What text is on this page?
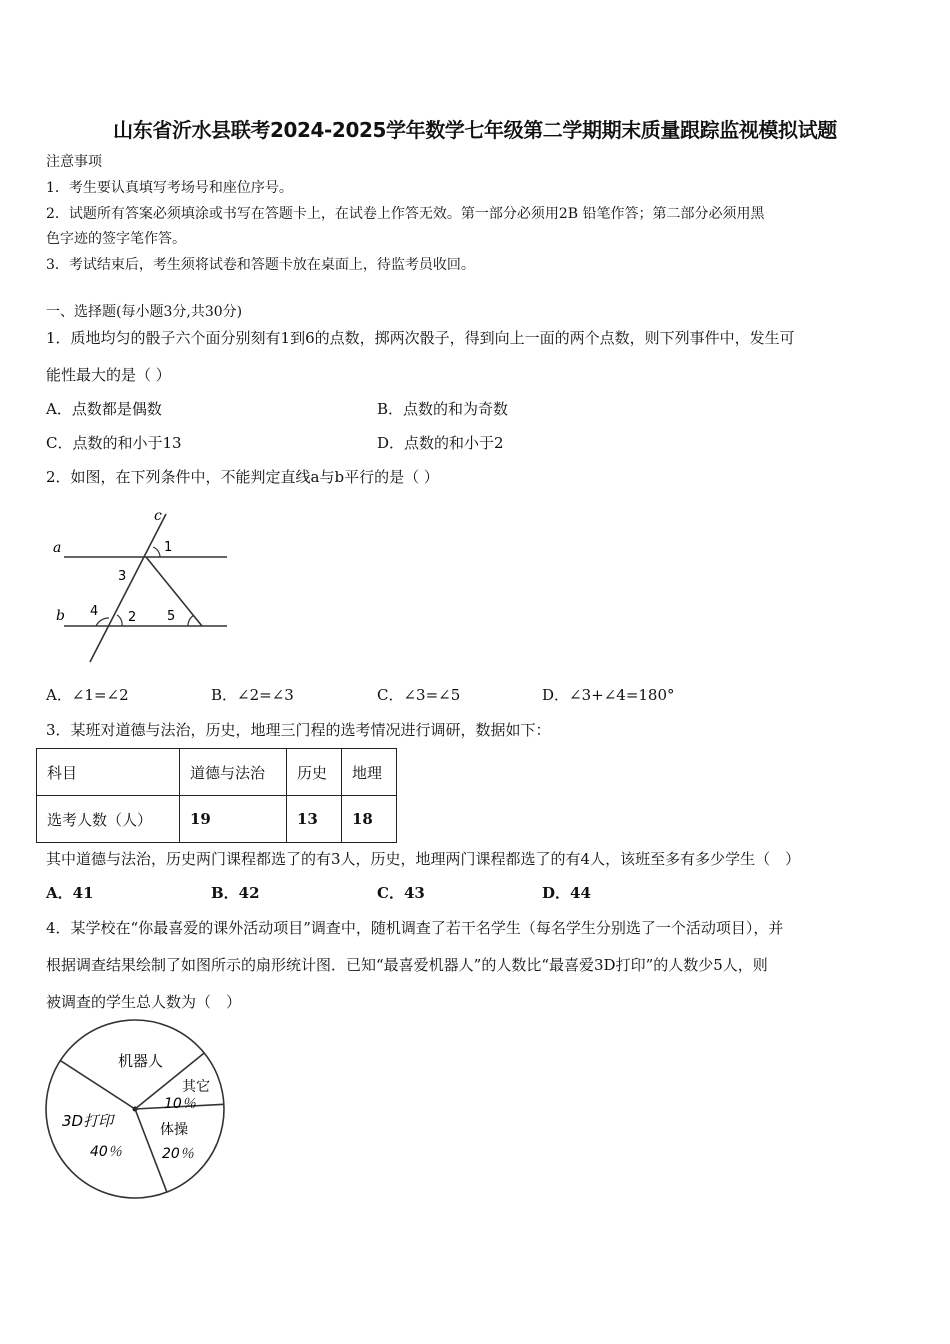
山东省沂水县联考2024-2025学年数学七年级第二学期期末质量跟踪监视模拟试题
注意事项
1．考生要认真填写考场号和座位序号。
2．试题所有答案必须填涂或书写在答题卡上，在试卷上作答无效。第一部分必须用2B 铅笔作答；第二部分必须用黑
色字迹的签字笔作答。
3．考试结束后，考生须将试卷和答题卡放在桌面上，待监考员收回。
一、选择题(每小题3分,共30分)
1．质地均匀的骰子六个面分别刻有1到6的点数，掷两次骰子，得到向上一面的两个点数，则下列事件中，发生可
能性最大的是（ ）
A．点数都是偶数	B．点数的和为奇数
C．点数的和小于13	D．点数的和小于2
2．如图，在下列条件中，不能判定直线a与b平行的是（ ）
c
a
b
1
3
4 2 5
A．∠1=∠2	B．∠2=∠3	C．∠3=∠5	D．∠3+∠4=180°
3．某班对道德与法治，历史，地理三门程的选考情况进行调研，数据如下：
科目	道德与法治	历史	地理
选考人数（人）	19	13	18
其中道德与法治，历史两门课程都选了的有3人，历史，地理两门课程都选了的有4人，该班至多有多少学生（　）
A．41	B．42	C．43	D．44
4．某学校在“你最喜爱的课外活动项目”调查中，随机调查了若干名学生（每名学生分别选了一个活动项目），并
根据调查结果绘制了如图所示的扇形统计图．已知“最喜爱机器人”的人数比“最喜爱3D打印”的人数少5人，则
被调查的学生总人数为（　）
机器人
其它
10％
体操
20％
3D打印
40％
